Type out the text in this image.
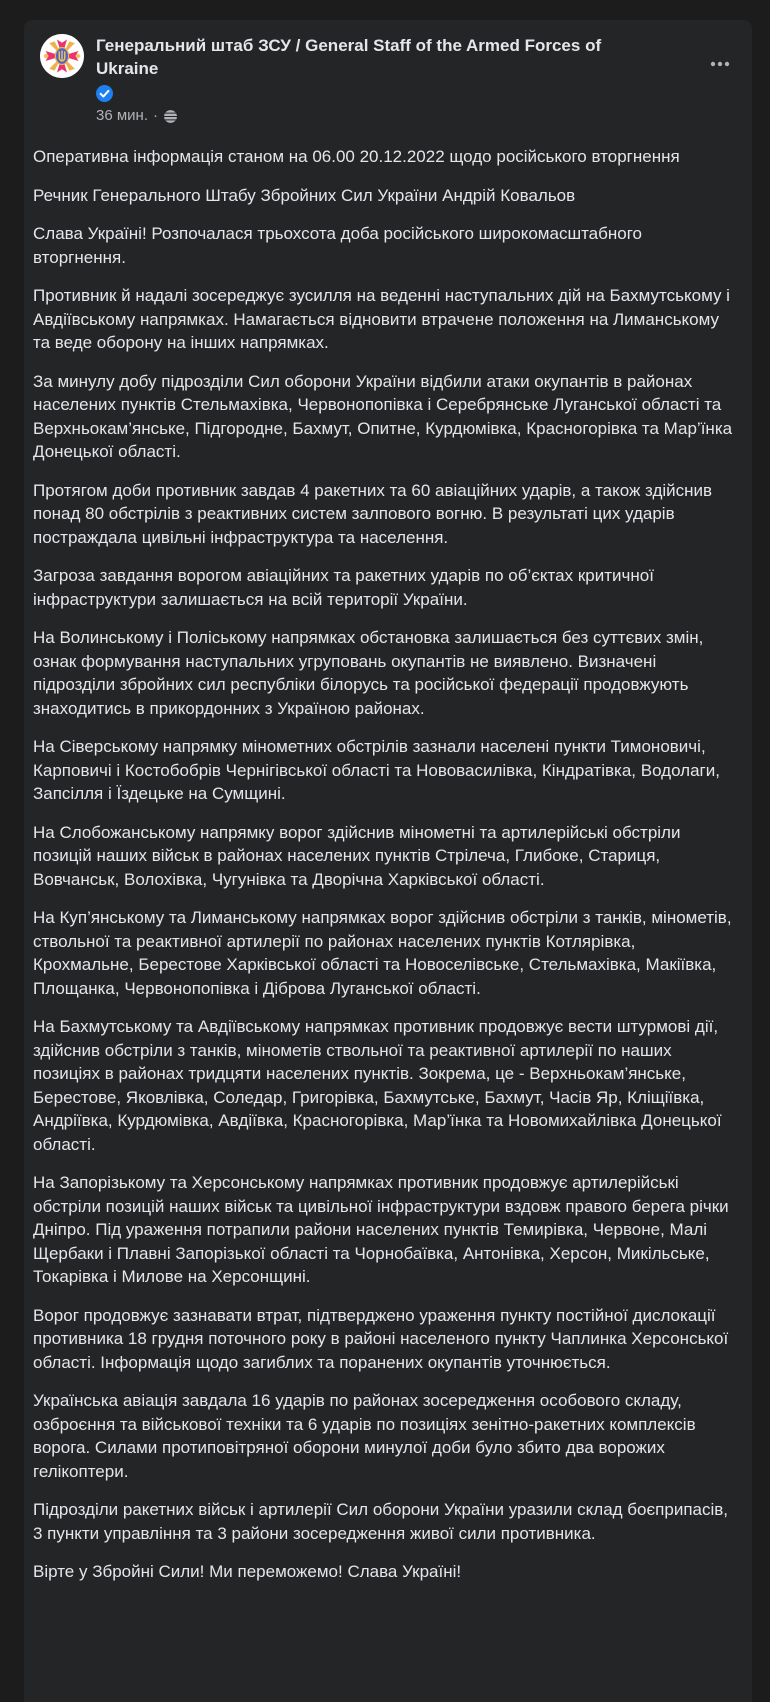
Генеральний штаб ЗСУ / General Staff of the Armed Forces of Ukraine
36 мин. ·

Оперативна інформація станом на 06.00 20.12.2022 щодо російського вторгнення

Речник Генерального Штабу Збройних Сил України Андрій Ковальов

Слава Україні! Розпочалася трьохсота доба російського широкомасштабного вторгнення.

Противник й надалі зосереджує зусилля на веденні наступальних дій на Бахмутському і Авдіївському напрямках. Намагається відновити втрачене положення на Лиманському та веде оборону на інших напрямках.

За минулу добу підрозділи Сил оборони України відбили атаки окупантів в районах населених пунктів Стельмахівка, Червонопопівка і Серебрянське Луганської області та Верхньокам’янське, Підгородне, Бахмут, Опитне, Курдюмівка, Красногорівка та Мар’їнка Донецької області.

Протягом доби противник завдав 4 ракетних та 60 авіаційних ударів, а також здійснив понад 80 обстрілів з реактивних систем залпового вогню. В результаті цих ударів постраждала цивільні інфраструктура та населення.

Загроза завдання ворогом авіаційних та ракетних ударів по об’єктах критичної інфраструктури залишається на всій території України.

На Волинському і Поліському напрямках обстановка залишається без суттєвих змін, ознак формування наступальних угруповань окупантів не виявлено. Визначені підрозділи збройних сил республіки білорусь та російської федерації продовжують знаходитись в прикордонних з Україною районах.

На Сіверському напрямку мінометних обстрілів зазнали населені пункти Тимоновичі, Карповичі і Костобобрів Чернігівської області та Нововасилівка, Кіндратівка, Водолаги, Запсілля і Їздецьке на Сумщині.

На Слобожанському напрямку ворог здійснив мінометні та артилерійські обстріли позицій наших військ в районах населених пунктів Стрілеча, Глибоке, Стариця, Вовчанськ, Волохівка, Чугунівка та Дворічна Харківської області.

На Куп’янському та Лиманському напрямках ворог здійснив обстріли з танків, мінометів, ствольної та реактивної артилерії по районах населених пунктів Котлярівка, Крохмальне, Берестове Харківської області та Новоселівське, Стельмахівка, Макіївка, Площанка, Червонопопівка і Діброва Луганської області.

На Бахмутському та Авдіївському напрямках противник продовжує вести штурмові дії, здійснив обстріли з танків, мінометів ствольної та реактивної артилерії по наших позиціях в районах тридцяти населених пунктів. Зокрема, це - Верхньокам’янське, Берестове, Яковлівка, Соледар, Григорівка, Бахмутське, Бахмут, Часів Яр, Кліщіївка, Андріївка, Курдюмівка, Авдіївка, Красногорівка, Мар’їнка та Новомихайлівка Донецької області.

На Запорізькому та Херсонському напрямках противник продовжує артилерійські обстріли позицій наших військ та цивільної інфраструктури вздовж правого берега річки Дніпро. Під ураження потрапили райони населених пунктів Темирівка, Червоне, Малі Щербаки і Плавні Запорізької області та Чорнобаївка, Антонівка, Херсон, Микільське, Токарівка і Милове на Херсонщині.

Ворог продовжує зазнавати втрат, підтверджено ураження пункту постійної дислокації противника 18 грудня поточного року в районі населеного пункту Чаплинка Херсонської області. Інформація щодо загиблих та поранених окупантів уточнюється.

Українська авіація завдала 16 ударів по районах зосередження особового складу, озброєння та військової техніки та 6 ударів по позиціях зенітно-ракетних комплексів ворога. Силами протиповітряної оборони минулої доби було збито два ворожих гелікоптери.

Підрозділи ракетних військ і артилерії Сил оборони України уразили склад боєприпасів, 3 пункти управління та 3 райони зосередження живої сили противника.

Вірте у Збройні Сили! Ми переможемо! Слава Україні!
